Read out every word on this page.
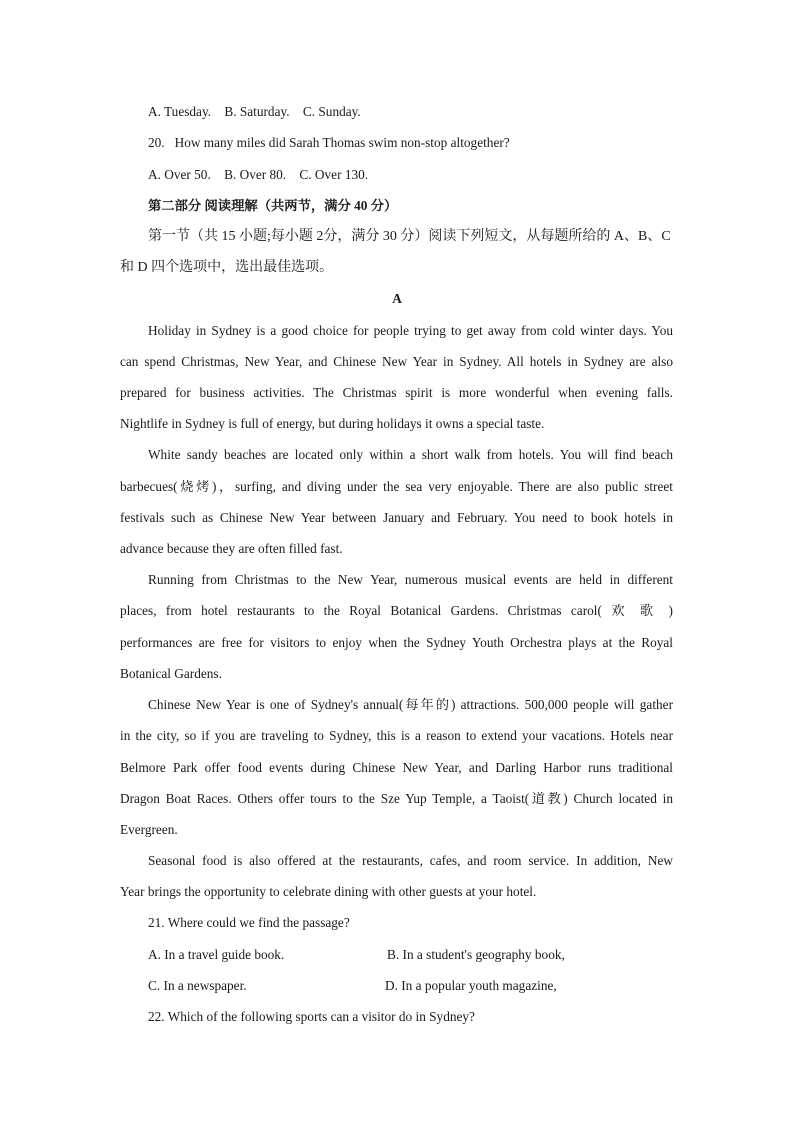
A. Tuesday.    B. Saturday.    C. Sunday.
20.   How many miles did Sarah Thomas swim non-stop altogether?
A. Over 50.    B. Over 80.    C. Over 130.
第二部分 阅读理解（共两节，满分 40 分）
第一节（共 15 小题;每小题 2分，满分 30 分）阅读下列短文，从每题所给的 A、B、C
和 D 四个选项中，选出最佳选项。
A
Holiday in Sydney is a good choice for people trying to get away from cold winter days. You
can spend Christmas, New Year, and Chinese New Year in Sydney. All hotels in Sydney are also
prepared for business activities. The Christmas spirit is more wonderful when evening falls.
Nightlife in Sydney is full of energy, but during holidays it owns a special taste.
White sandy beaches are located only within a short walk from hotels. You will find beach
barbecues(烧烤)，surfing, and diving under the sea very enjoyable. There are also public street
festivals such as Chinese New Year between January and February. You need to book hotels in
advance because they are often filled fast.
Running from Christmas to the New Year, numerous musical events are held in different
places, from hotel restaurants to the Royal Botanical Gardens. Christmas carol( 欢 歌 )
performances are free for visitors to enjoy when the Sydney Youth Orchestra plays at the Royal
Botanical Gardens.
Chinese New Year is one of Sydney's annual(每年的) attractions. 500,000 people will gather
in the city, so if you are traveling to Sydney, this is a reason to extend your vacations. Hotels near
Belmore Park offer food events during Chinese New Year, and Darling Harbor runs traditional
Dragon Boat Races. Others offer tours to the Sze Yup Temple, a Taoist(道教) Church located in
Evergreen.
Seasonal food is also offered at the restaurants, cafes, and room service. In addition, New
Year brings the opportunity to celebrate dining with other guests at your hotel.
21. Where could we find the passage?
A. In a travel guide book.	B. In a student's geography book,
C. In a newspaper.	D. In a popular youth magazine,
22. Which of the following sports can a visitor do in Sydney?
